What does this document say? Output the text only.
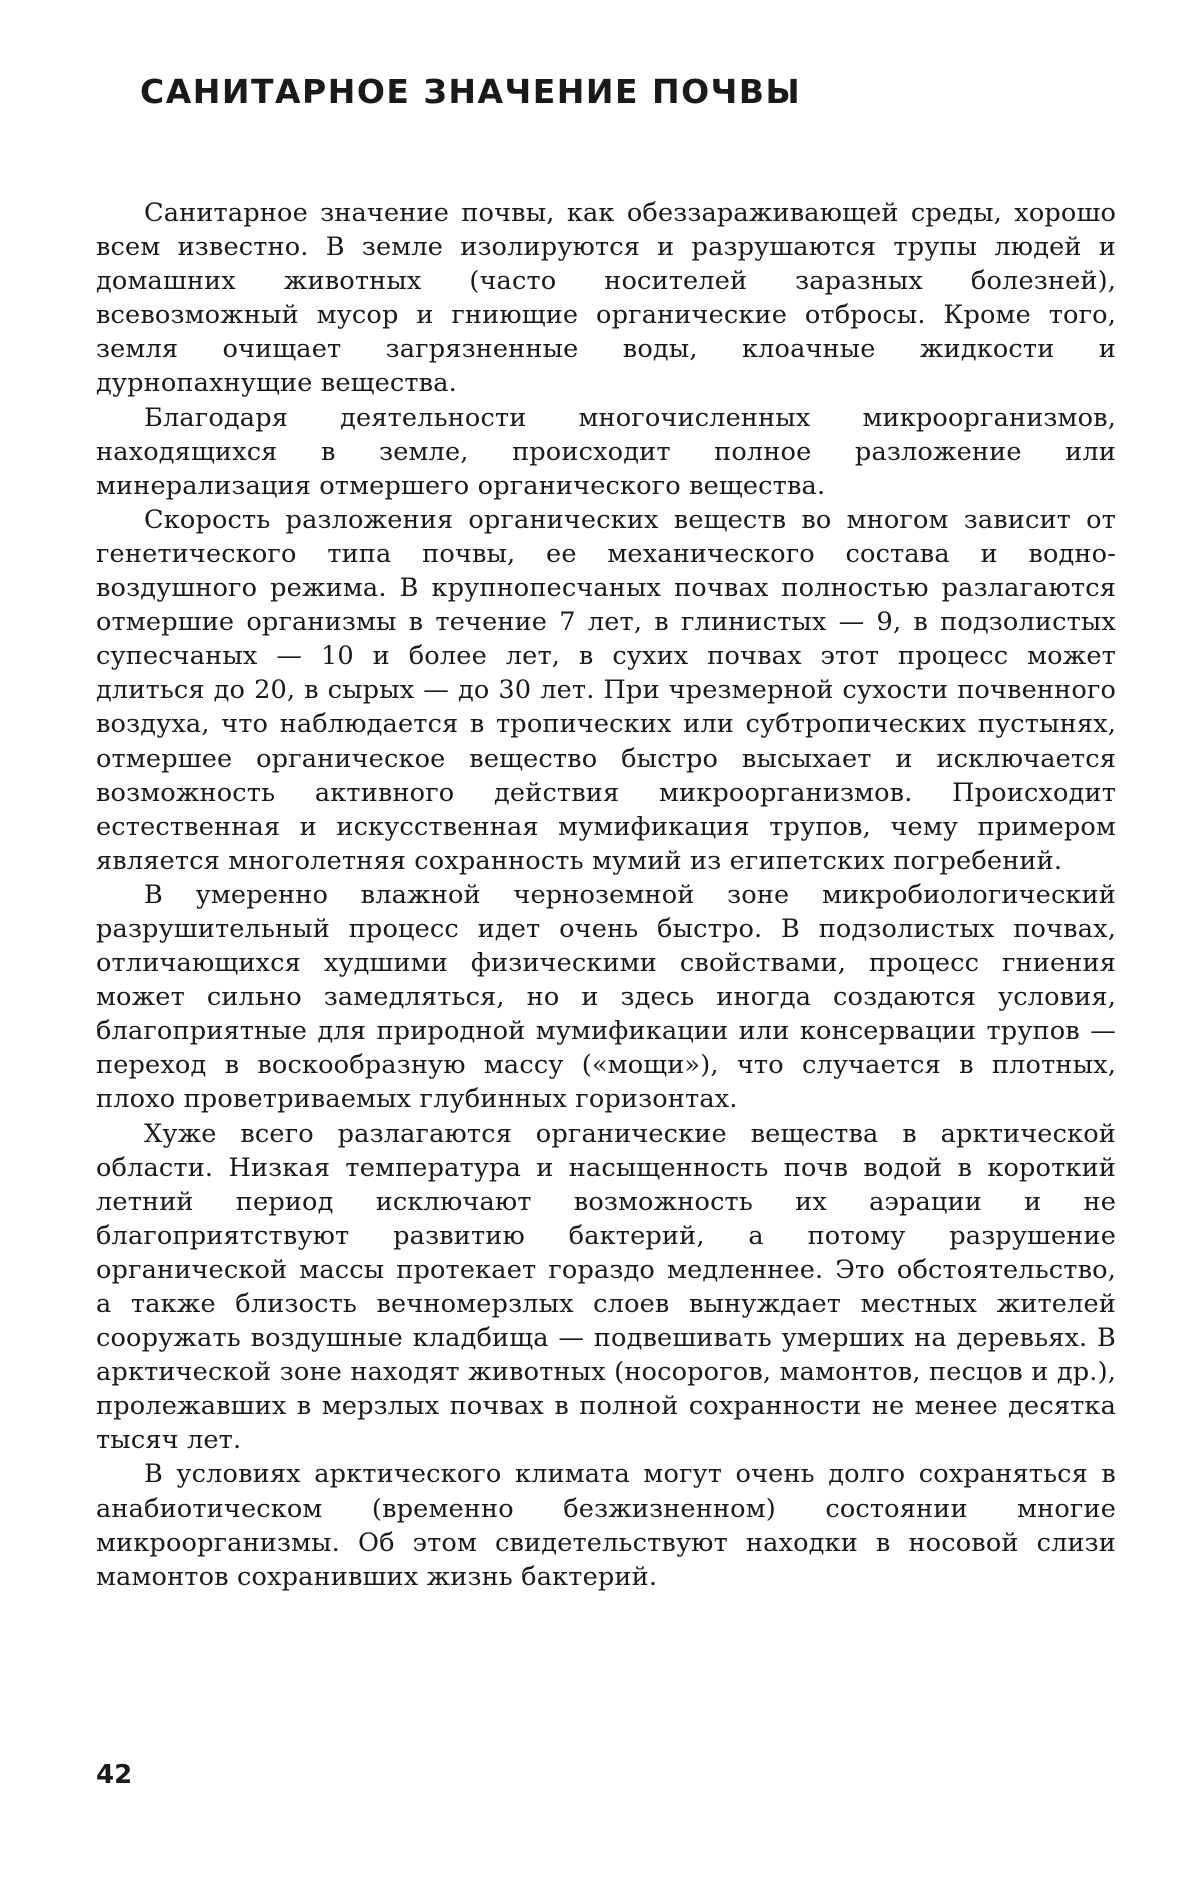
САНИТАРНОЕ ЗНАЧЕНИЕ ПОЧВЫ

Санитарное значение почвы, как обеззараживающей среды, хорошо всем известно. В земле изолируются и разрушаются трупы людей и домашних животных (часто носителей заразных болезней), всевозможный мусор и гниющие органические отбросы. Кроме того, земля очищает загрязненные воды, клоачные жидкости и дурнопахнущие вещества.

Благодаря деятельности многочисленных микроорганизмов, находящихся в земле, происходит полное разложение или минерализация отмершего органического вещества.

Скорость разложения органических веществ во многом зависит от генетического типа почвы, ее механического состава и водно-воздушного режима. В крупнопесчаных почвах полностью разлагаются отмершие организмы в течение 7 лет, в глинистых — 9, в подзолистых супесчаных — 10 и более лет, в сухих почвах этот процесс может длиться до 20, в сырых — до 30 лет. При чрезмерной сухости почвенного воздуха, что наблюдается в тропических или субтропических пустынях, отмершее органическое вещество быстро высыхает и исключается возможность активного действия микроорганизмов. Происходит естественная и искусственная мумификация трупов, чему примером является многолетняя сохранность мумий из египетских погребений.

В умеренно влажной черноземной зоне микробиологический разрушительный процесс идет очень быстро. В подзолистых почвах, отличающихся худшими физическими свойствами, процесс гниения может сильно замедляться, но и здесь иногда создаются условия, благоприятные для природной мумификации или консервации трупов — переход в воскообразную массу («мощи»), что случается в плотных, плохо проветриваемых глубинных горизонтах.

Хуже всего разлагаются органические вещества в арктической области. Низкая температура и насыщенность почв водой в короткий летний период исключают возможность их аэрации и не благоприятствуют развитию бактерий, а потому разрушение органической массы протекает гораздо медленнее. Это обстоятельство, а также близость вечномерзлых слоев вынуждает местных жителей сооружать воздушные кладбища — подвешивать умерших на деревьях. В арктической зоне находят животных (носорогов, мамонтов, песцов и др.), пролежавших в мерзлых почвах в полной сохранности не менее десятка тысяч лет.

В условиях арктического климата могут очень долго сохраняться в анабиотическом (временно безжизненном) состоянии многие микроорганизмы. Об этом свидетельствуют находки в носовой слизи мамонтов сохранивших жизнь бактерий.

42
